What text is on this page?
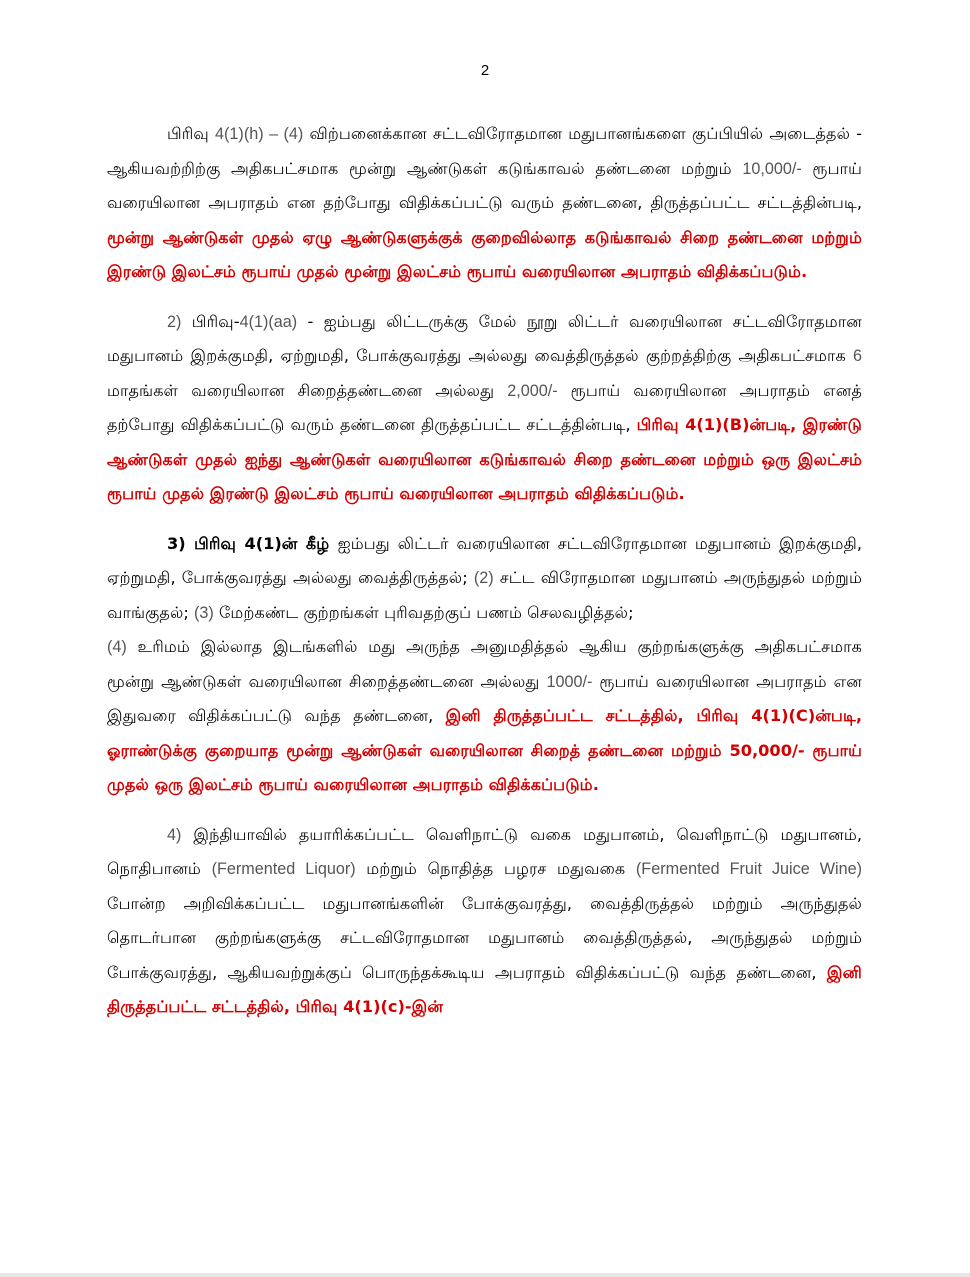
2

பிரிவு 4(1)(h) – (4) விற்பனைக்கான சட்டவிரோதமான மதுபானங்களை குப்பியில் அடைத்தல் - ஆகியவற்றிற்கு அதிகபட்சமாக மூன்று ஆண்டுகள் கடுங்காவல் தண்டனை மற்றும் 10,000/- ரூபாய் வரையிலான அபராதம் என தற்போது விதிக்கப்பட்டு வரும் தண்டனை, திருத்தப்பட்ட சட்டத்தின்படி, மூன்று ஆண்டுகள் முதல் ஏழு ஆண்டுகளுக்குக் குறைவில்லாத கடுங்காவல் சிறை தண்டனை மற்றும் இரண்டு இலட்சம் ரூபாய் முதல் மூன்று இலட்சம் ரூபாய் வரையிலான அபராதம் விதிக்கப்படும்.

2) பிரிவு-4(1)(aa) - ஐம்பது லிட்டருக்கு மேல் நூறு லிட்டர் வரையிலான சட்டவிரோதமான மதுபானம் இறக்குமதி, ஏற்றுமதி, போக்குவரத்து அல்லது வைத்திருத்தல் குற்றத்திற்கு அதிகபட்சமாக 6 மாதங்கள் வரையிலான சிறைத்தண்டனை அல்லது 2,000/- ரூபாய் வரையிலான அபராதம் எனத் தற்போது விதிக்கப்பட்டு வரும் தண்டனை திருத்தப்பட்ட சட்டத்தின்படி, பிரிவு 4(1)(B)ன்படி, இரண்டு ஆண்டுகள் முதல் ஐந்து ஆண்டுகள் வரையிலான கடுங்காவல் சிறை தண்டனை மற்றும் ஒரு இலட்சம் ரூபாய் முதல் இரண்டு இலட்சம் ரூபாய் வரையிலான அபராதம் விதிக்கப்படும்.

3) பிரிவு 4(1)ன் கீழ் ஐம்பது லிட்டர் வரையிலான சட்டவிரோதமான மதுபானம் இறக்குமதி, ஏற்றுமதி, போக்குவரத்து அல்லது வைத்திருத்தல்; (2) சட்ட விரோதமான மதுபானம் அருந்துதல் மற்றும் வாங்குதல்; (3) மேற்கண்ட குற்றங்கள் புரிவதற்குப் பணம் செலவழித்தல்;

(4) உரிமம் இல்லாத இடங்களில் மது அருந்த அனுமதித்தல் ஆகிய குற்றங்களுக்கு அதிகபட்சமாக மூன்று ஆண்டுகள் வரையிலான சிறைத்தண்டனை அல்லது 1000/- ரூபாய் வரையிலான அபராதம் என இதுவரை விதிக்கப்பட்டு வந்த தண்டனை, இனி திருத்தப்பட்ட சட்டத்தில், பிரிவு 4(1)(C)ன்படி, ஓராண்டுக்கு குறையாத மூன்று ஆண்டுகள் வரையிலான சிறைத் தண்டனை மற்றும் 50,000/- ரூபாய் முதல் ஒரு இலட்சம் ரூபாய் வரையிலான அபராதம் விதிக்கப்படும்.

4) இந்தியாவில் தயாரிக்கப்பட்ட வெளிநாட்டு வகை மதுபானம், வெளிநாட்டு மதுபானம், நொதிபானம் (Fermented Liquor) மற்றும் நொதித்த பழரச மதுவகை (Fermented Fruit Juice Wine) போன்ற அறிவிக்கப்பட்ட மதுபானங்களின் போக்குவரத்து, வைத்திருத்தல் மற்றும் அருந்துதல் தொடர்பான குற்றங்களுக்கு சட்டவிரோதமான மதுபானம் வைத்திருத்தல், அருந்துதல் மற்றும் போக்குவரத்து, ஆகியவற்றுக்குப் பொருந்தக்கூடிய அபராதம் விதிக்கப்பட்டு வந்த தண்டனை, இனி திருத்தப்பட்ட சட்டத்தில், பிரிவு 4(1)(c)-இன்
